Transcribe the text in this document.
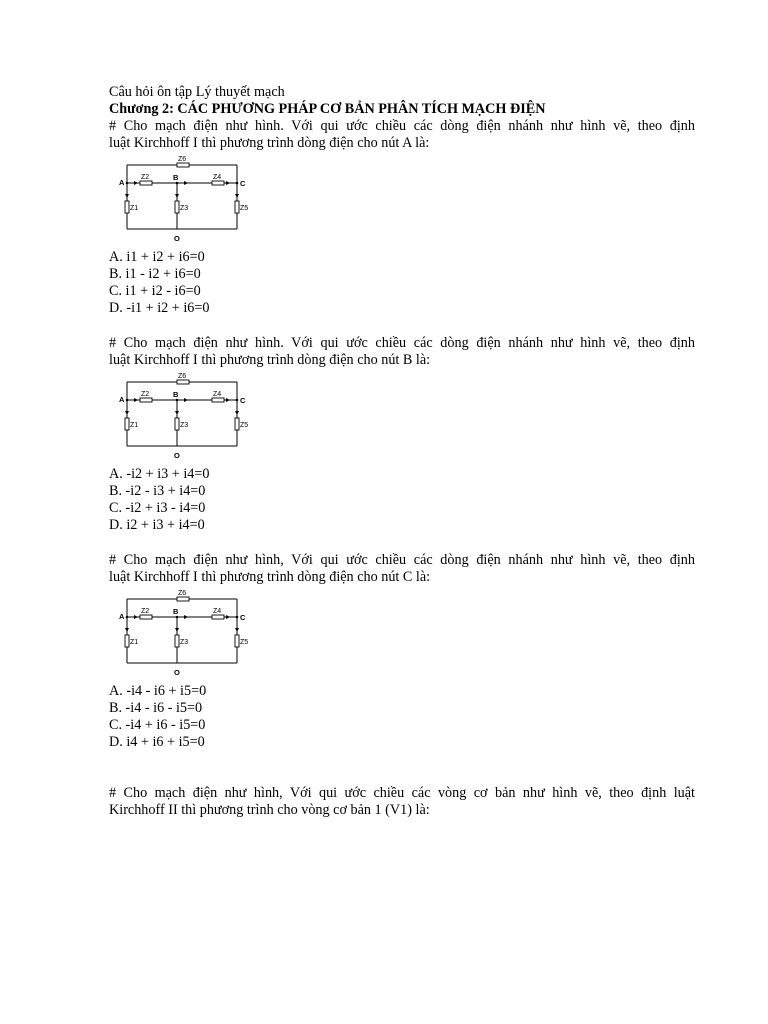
Câu hỏi ôn tập Lý thuyết mạch

Chương 2: CÁC PHƯƠNG PHÁP CƠ BẢN PHÂN TÍCH MẠCH ĐIỆN

# Cho mạch điện như hình. Với qui ước chiều các dòng điện nhánh như hình vẽ, theo định

luật Kirchhoff I thì phương trình dòng điện cho nút A là:

A
B
C
O
Z1
Z2
Z3
Z4
Z5
Z6

A. i1 + i2 + i6=0

B. i1 - i2 + i6=0

C. i1 + i2 - i6=0

D. -i1 + i2 + i6=0

# Cho mạch điện như hình. Với qui ước chiều các dòng điện nhánh như hình vẽ, theo định

luật Kirchhoff I thì phương trình dòng điện cho nút B là:

A
B
C
O
Z1
Z2
Z3
Z4
Z5
Z6

A. -i2 + i3 + i4=0

B. -i2 - i3 + i4=0

C. -i2 + i3 - i4=0

D. i2 + i3 + i4=0

# Cho mạch điện như hình, Với qui ước chiều các dòng điện nhánh như hình vẽ, theo định

luật Kirchhoff I thì phương trình dòng điện cho nút C là:

A
B
C
O
Z1
Z2
Z3
Z4
Z5
Z6

A. -i4 - i6 + i5=0

B. -i4 - i6 - i5=0

C. -i4 + i6 - i5=0

D. i4 + i6 + i5=0

# Cho mạch điện như hình, Với qui ước chiều các vòng cơ bản như hình vẽ, theo định luật

Kirchhoff II thì phương trình cho vòng cơ bản 1 (V1) là:
